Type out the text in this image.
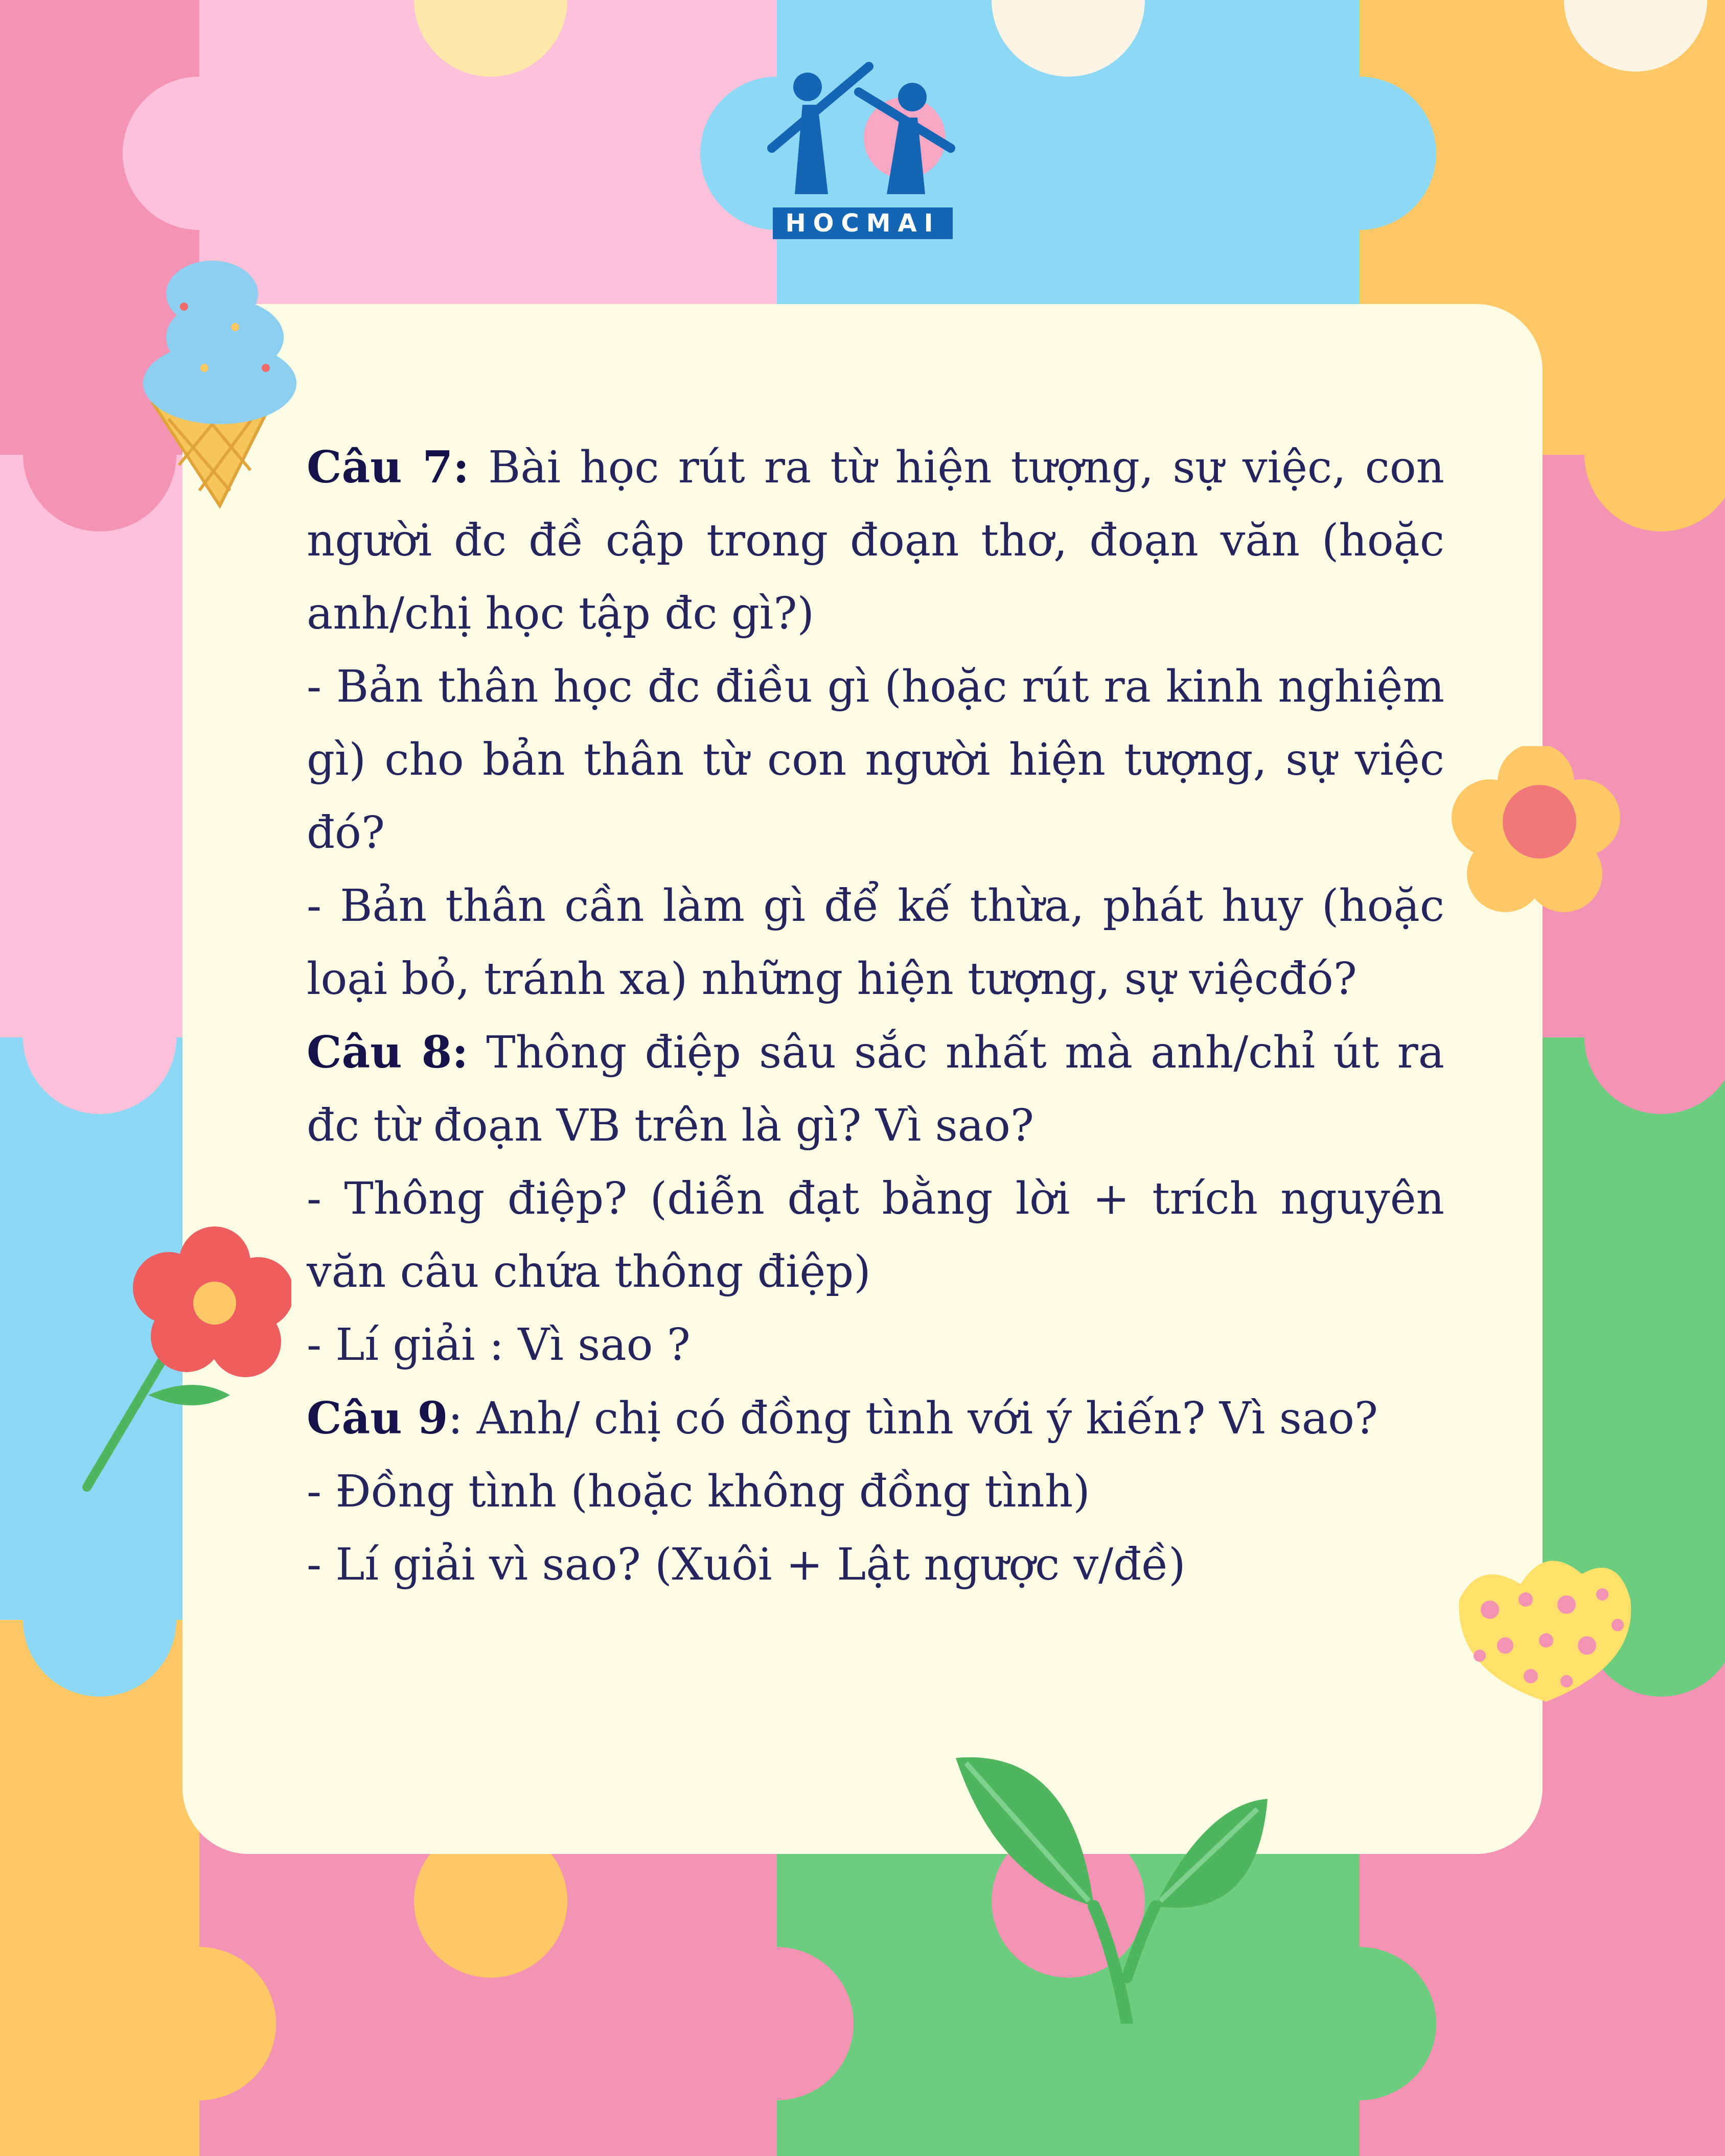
HOCMAI

Câu 7: Bài học rút ra từ hiện tượng, sự việc, con người đc đề cập trong đoạn thơ, đoạn văn (hoặc anh/chị học tập đc gì?)

- Bản thân học đc điều gì (hoặc rút ra kinh nghiệm gì) cho bản thân từ con người hiện tượng, sự việc đó?

- Bản thân cần làm gì để kế thừa, phát huy (hoặc loại bỏ, tránh xa) những hiện tượng, sự việcđó?

Câu 8: Thông điệp sâu sắc nhất mà anh/chỉ út ra đc từ đoạn VB trên là gì? Vì sao?

- Thông điệp? (diễn đạt bằng lời + trích nguyên văn câu chứa thông điệp)

- Lí giải : Vì sao ?

Câu 9: Anh/ chị có đồng tình với ý kiến? Vì sao?

- Đồng tình (hoặc không đồng tình)

- Lí giải vì sao? (Xuôi + Lật ngược v/đề)
